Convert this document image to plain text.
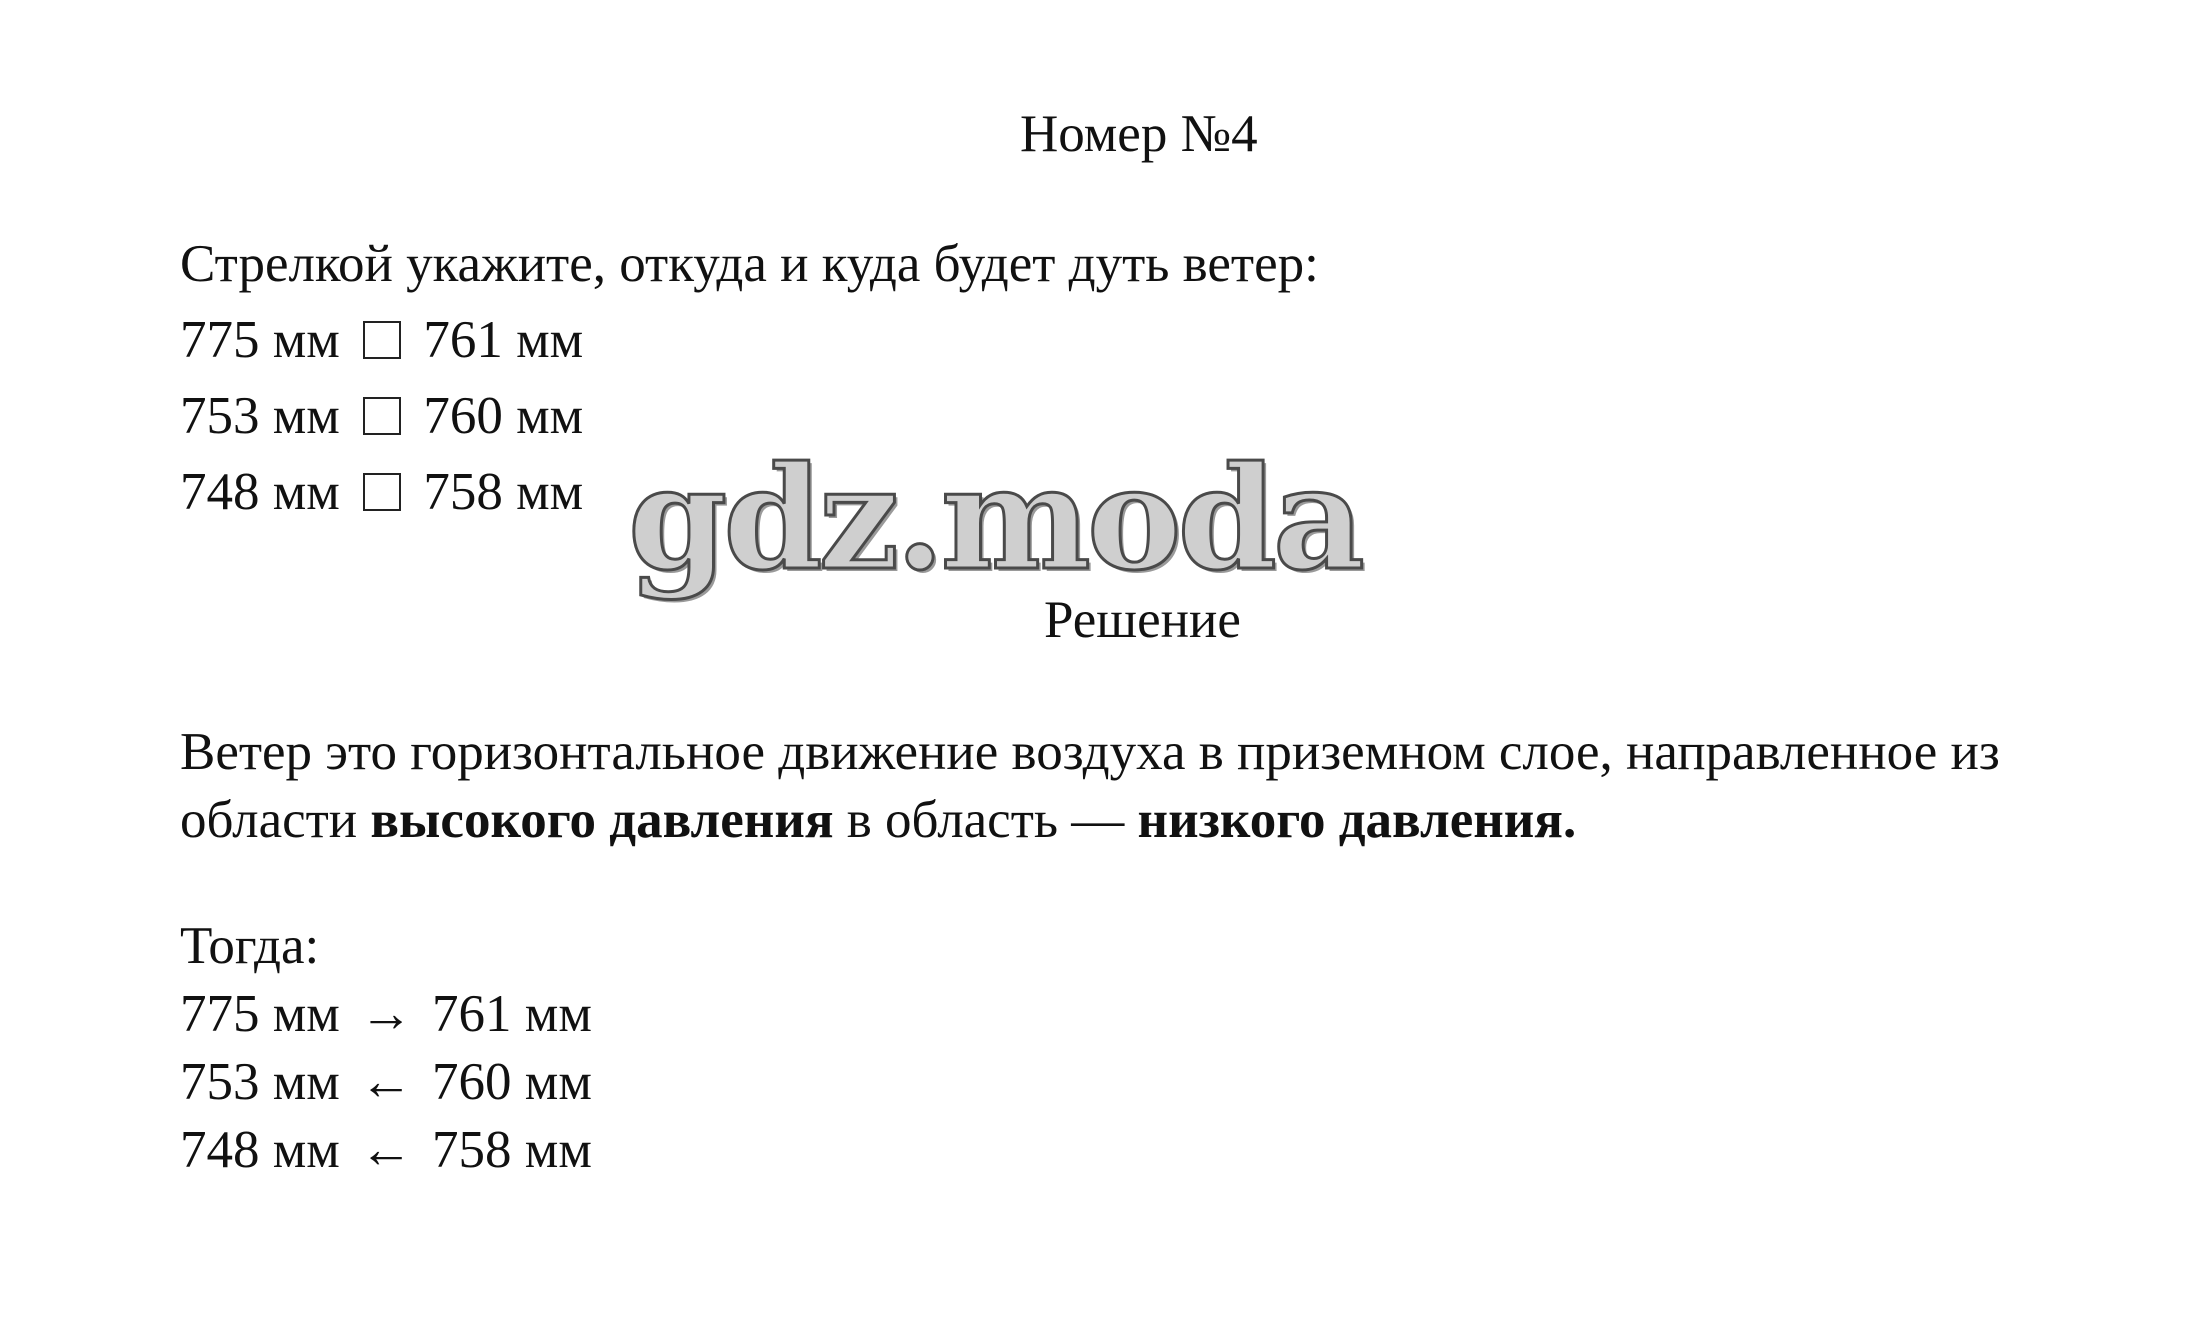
Номер №4
Стрелкой укажите, откуда и куда будет дуть ветер:
775 мм 761 мм
753 мм 760 мм
748 мм 758 мм gdz.moda
Решение
Ветер это горизонтальное движение воздуха в приземном слое, направленное из области высокого давления в область — низкого давления.
Тогда:
775 мм → 761 мм
753 мм ← 760 мм
748 мм ← 758 мм
